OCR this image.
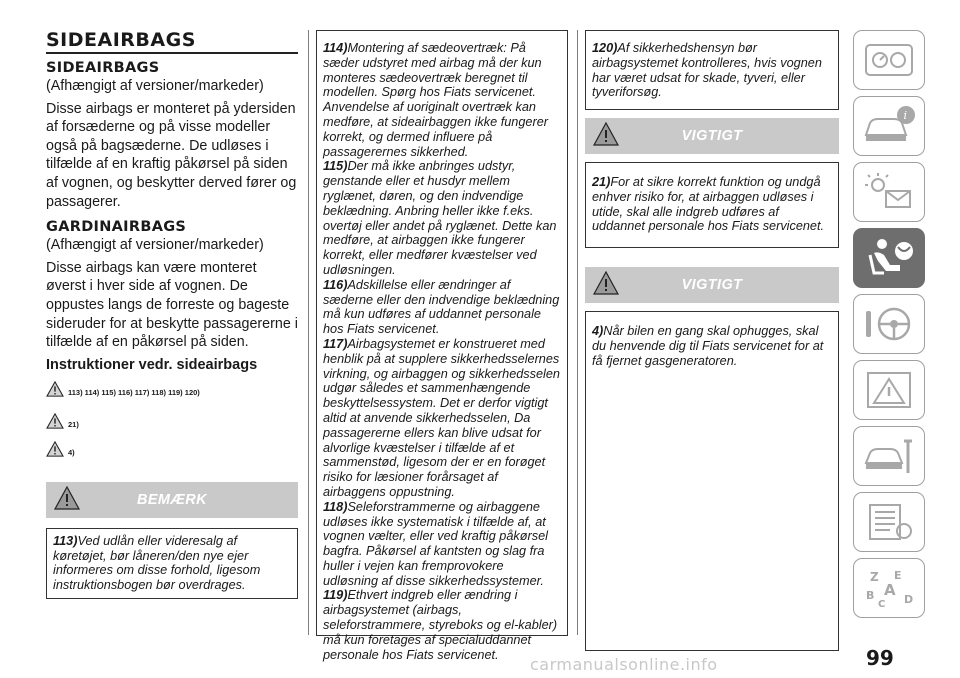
SIDEAIRBAGS
SIDEAIRBAGS
(Afhængigt af versioner/markeder)

Disse airbags er monteret på ydersiden af forsæderne og på visse modeller også på bagsæderne. De udløses i tilfælde af en kraftig påkørsel på siden af vognen, og beskytter derved fører og passagerer.

GARDINAIRBAGS
(Afhængigt af versioner/markeder)

Disse airbags kan være monteret øverst i hver side af vognen. De oppustes langs de forreste og bageste sideruder for at beskytte passagererne i tilfælde af en påkørsel på siden.

Instruktioner vedr. sideairbags
113) 114) 115) 116) 117) 118) 119) 120)
21)
4)
BEMÆRK
113)Ved udlån eller videresalg af køretøjet, bør låneren/den nye ejer informeres om disse forhold, ligesom instruktionsbogen bør overdrages.
114)Montering af sædeovertræk: På sæder udstyret med airbag må der kun monteres sædeovertræk beregnet til modellen. Spørg hos Fiats servicenet. Anvendelse af uoriginalt overtræk kan medføre, at sideairbaggen ikke fungerer korrekt, og dermed influere på passagerernes sikkerhed.
115)Der må ikke anbringes udstyr, genstande eller et husdyr mellem ryglænet, døren, og den indvendige beklædning. Anbring heller ikke f.eks. overtøj eller andet på ryglænet. Dette kan medføre, at airbaggen ikke fungerer korrekt, eller medfører kvæstelser ved udløsningen.
116)Adskillelse eller ændringer af sæderne eller den indvendige beklædning må kun udføres af uddannet personale hos Fiats servicenet.
117)Airbagsystemet er konstrueret med henblik på at supplere sikkerhedsselernes virkning, og airbaggen og sikkerhedsselen udgør således et sammenhængende beskyttelsessystem. Det er derfor vigtigt altid at anvende sikkerhedsselen, Da passagererne ellers kan blive udsat for alvorlige kvæstelser i tilfælde af et sammenstød, ligesom der er en forøget risiko for læsioner forårsaget af airbaggens oppustning.
118)Seleforstrammerne og airbaggene udløses ikke systematisk i tilfælde af, at vognen vælter, eller ved kraftig påkørsel bagfra. Påkørsel af kantsten og slag fra huller i vejen kan fremprovokere udløsning af disse sikkerhedssystemer.
119)Ethvert indgreb eller ændring i airbagsystemet (airbags, seleforstrammere, styreboks og el-kabler) må kun foretages af specialuddannet personale hos Fiats servicenet.
120)Af sikkerhedshensyn bør airbagsystemet kontrolleres, hvis vognen har været udsat for skade, tyveri, eller tyveriforsøg.
VIGTIGT
21)For at sikre korrekt funktion og undgå enhver risiko for, at airbaggen udløses i utide, skal alle indgreb udføres af uddannet personale hos Fiats servicenet.
VIGTIGT
4)Når bilen en gang skal ophugges, skal du henvende dig til Fiats servicenet for at få fjernet gasgeneratoren.
i
Z E
B A
C D
99
carmanualsonline.info
